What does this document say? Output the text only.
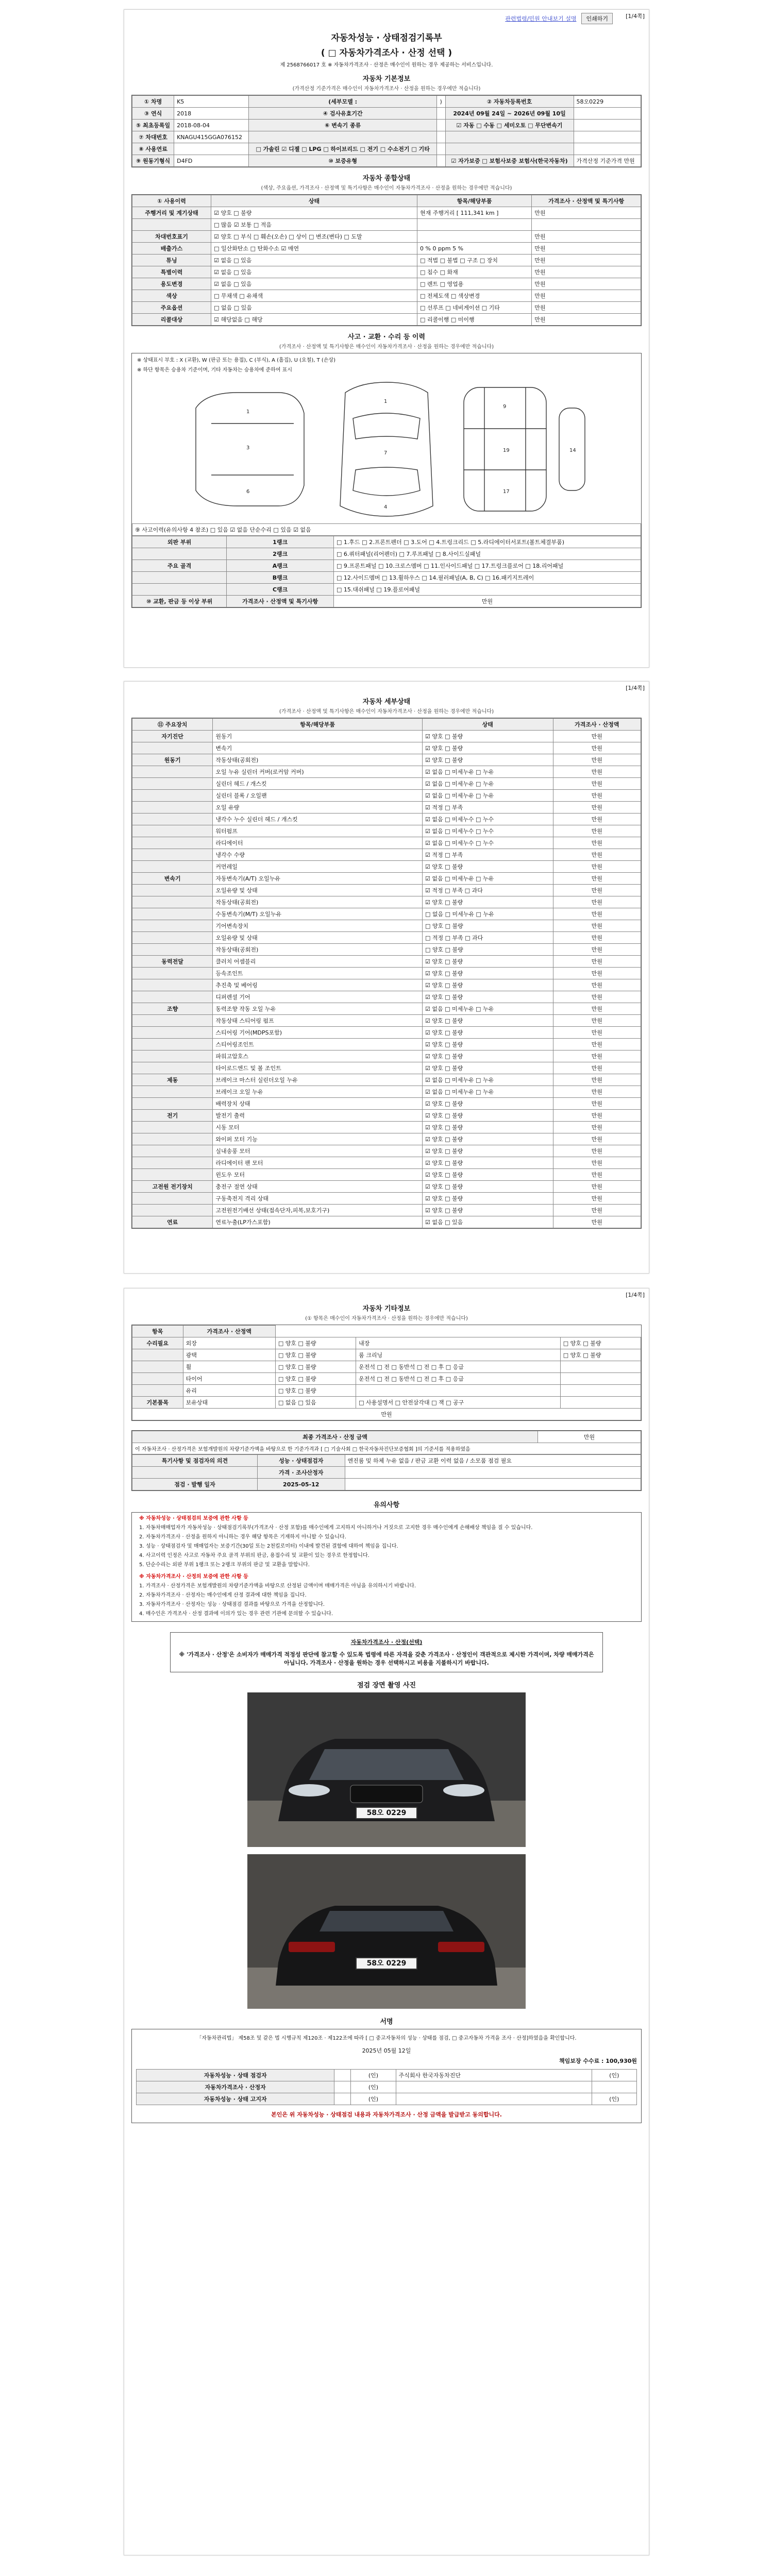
관련법령/민원 안내보기 설명	인쇄하기	[1/4쪽]
자동차성능 · 상태점검기록부
( □ 자동차가격조사 · 산정 선택 )
제 2568766017 호 ※ 자동차가격조사 · 산정은 매수인이 원하는 경우 제공하는 서비스입니다.
자동차 기본정보
(가격산정 기준가격은 매수인이 자동차가격조사 · 산정을 원하는 경우에만 적습니다)
① 차명	K5	(세부모델 :	)	② 자동차등록번호	58오0229
③ 연식	2018	④ 검사유효기간		2024년 09월 24일 ~ 2026년 09월 10일	
⑤ 최초등록일	2018-08-04	⑥ 변속기 종류		☑ 자동 □ 수동 □ 세미오토 □ 무단변속기	
⑦ 차대번호	KNAGU415GGA076152				
⑧ 사용연료		□ 가솔린 ☑ 디젤 □ LPG □ 하이브리드 □ 전기 □ 수소전기 □ 기타			
⑨ 원동기형식	D4FD	⑩ 보증유형		☑ 자가보증 □ 보험사보증 보험사(한국자동차)	가격산정 기준가격 만원
자동차 종합상태
(색상, 주요옵션, 가격조사 · 산정액 및 특기사항은 매수인이 자동차가격조사 · 산정을 원하는 경우에만 적습니다)
① 사용이력	상태	항목/해당부품	가격조사 · 산정액 및 특기사항
주행거리 및 계기상태	☑ 양호 □ 불량	현재 주행거리 [ 111,341 km ]	만원
	□ 많음 ☑ 보통 □ 적음		
차대번호표기	☑ 양호 □ 부식 □ 훼손(오손) □ 상이 □ 변조(변타) □ 도말		만원
배출가스	□ 일산화탄소 □ 탄화수소 ☑ 매연	0 % 0 ppm 5 %	만원
튜닝	☑ 없음 □ 있음	□ 적법 □ 불법 □ 구조 □ 장치	만원
특별이력	☑ 없음 □ 있음	□ 침수 □ 화재	만원
용도변경	☑ 없음 □ 있음	□ 렌트 □ 영업용	만원
색상	□ 무채색 □ 유채색	□ 전체도색 □ 색상변경	만원
주요옵션	□ 없음 □ 있음	□ 선루프 □ 네비게이션 □ 기타	만원
리콜대상	☑ 해당없음 □ 해당	□ 리콜이행 □ 미이행	만원
사고 · 교환 · 수리 등 이력
(가격조사 · 산정액 및 특기사항은 매수인이 자동차가격조사 · 산정을 원하는 경우에만 적습니다)
※ 상태표시 부호 : X (교환), W (판금 또는 용접), C (부식), A (흠집), U (요철), T (손상)
※ 하단 항목은 승용차 기준이며, 기타 자동차는 승용차에 준하여 표시
1
3
6
1
7
4
9
19
17
14
⑨ 사고이력(유의사항 4 참조) □ 있음 ☑ 없음 단순수리 □ 있음 ☑ 없음
외판 부위	1랭크	□ 1.후드 □ 2.프론트펜더 □ 3.도어 □ 4.트렁크리드 □ 5.라디에이터서포트(볼트체결부품)
	2랭크	□ 6.쿼터패널(리어펜더) □ 7.루프패널 □ 8.사이드실패널
주요 골격	A랭크	□ 9.프론트패널 □ 10.크로스멤버 □ 11.인사이드패널 □ 17.트렁크플로어 □ 18.리어패널
	B랭크	□ 12.사이드멤버 □ 13.휠하우스 □ 14.필러패널(A, B, C) □ 16.패키지트레이
	C랭크	□ 15.대쉬패널 □ 19.플로어패널
⑩ 교환, 판금 등 이상 부위	가격조사 · 산정액 및 특기사항	만원
[1/4쪽]
자동차 세부상태
(가격조사 · 산정액 및 특기사항은 매수인이 자동차가격조사 · 산정을 원하는 경우에만 적습니다)
⑪ 주요장치	항목/해당부품	상태	가격조사 · 산정액
자기진단	원동기	☑ 양호 □ 불량	만원
	변속기	☑ 양호 □ 불량	만원
원동기	작동상태(공회전)	☑ 양호 □ 불량	만원
	오일 누유 실린더 커버(로커암 커버)	☑ 없음 □ 미세누유 □ 누유	만원
	실린더 헤드 / 개스킷	☑ 없음 □ 미세누유 □ 누유	만원
	실린더 블록 / 오일팬	☑ 없음 □ 미세누유 □ 누유	만원
	오일 유량	☑ 적정 □ 부족	만원
	냉각수 누수 실린더 헤드 / 개스킷	☑ 없음 □ 미세누수 □ 누수	만원
	워터펌프	☑ 없음 □ 미세누수 □ 누수	만원
	라디에이터	☑ 없음 □ 미세누수 □ 누수	만원
	냉각수 수량	☑ 적정 □ 부족	만원
	커먼레일	☑ 양호 □ 불량	만원
변속기	자동변속기(A/T) 오일누유	☑ 없음 □ 미세누유 □ 누유	만원
	오일유량 및 상태	☑ 적정 □ 부족 □ 과다	만원
	작동상태(공회전)	☑ 양호 □ 불량	만원
	수동변속기(M/T) 오일누유	□ 없음 □ 미세누유 □ 누유	만원
	기어변속장치	□ 양호 □ 불량	만원
	오일유량 및 상태	□ 적정 □ 부족 □ 과다	만원
	작동상태(공회전)	□ 양호 □ 불량	만원
동력전달	클러치 어셈블리	☑ 양호 □ 불량	만원
	등속조인트	☑ 양호 □ 불량	만원
	추진축 및 베어링	☑ 양호 □ 불량	만원
	디퍼렌셜 기어	☑ 양호 □ 불량	만원
조향	동력조향 작동 오일 누유	☑ 없음 □ 미세누유 □ 누유	만원
	작동상태 스티어링 펌프	☑ 양호 □ 불량	만원
	스티어링 기어(MDPS포함)	☑ 양호 □ 불량	만원
	스티어링조인트	☑ 양호 □ 불량	만원
	파워고압호스	☑ 양호 □ 불량	만원
	타이로드엔드 및 볼 조인트	☑ 양호 □ 불량	만원
제동	브레이크 마스터 실린더오일 누유	☑ 없음 □ 미세누유 □ 누유	만원
	브레이크 오일 누유	☑ 없음 □ 미세누유 □ 누유	만원
	배력장치 상태	☑ 양호 □ 불량	만원
전기	발전기 출력	☑ 양호 □ 불량	만원
	시동 모터	☑ 양호 □ 불량	만원
	와이퍼 모터 기능	☑ 양호 □ 불량	만원
	실내송풍 모터	☑ 양호 □ 불량	만원
	라디에이터 팬 모터	☑ 양호 □ 불량	만원
	윈도우 모터	☑ 양호 □ 불량	만원
고전원 전기장치	충전구 절연 상태	☑ 양호 □ 불량	만원
	구동축전지 격리 상태	☑ 양호 □ 불량	만원
	고전원전기배선 상태(접속단자,피복,보호기구)	☑ 양호 □ 불량	만원
연료	연료누출(LP가스포함)	☑ 없음 □ 있음	만원
[1/4쪽]
자동차 기타정보
(① 항목은 매수인이 자동차가격조사 · 산정을 원하는 경우에만 적습니다)
항목	가격조사 · 산정액			
수리필요	외장	□ 양호 □ 불량	내장	□ 양호 □ 불량
	광택	□ 양호 □ 불량	룸 크리닝	□ 양호 □ 불량
	휠	□ 양호 □ 불량	운전석 □ 전 □ 동반석 □ 전 □ 후 □ 응급	
	타이어	□ 양호 □ 불량	운전석 □ 전 □ 동반석 □ 전 □ 후 □ 응급	
	유리	□ 양호 □ 불량		
기본품목	보유상태	□ 없음 □ 있음	□ 사용설명서 □ 안전삼각대 □ 잭 □ 공구	
만원				
최종 가격조사 · 산정 금액	만원
이 자동차조사 · 산정가격은 보험개발원의 차량기준가액을 바탕으로 한 기준가격과 [ □ 기술사회 □ 한국자동차진단보증협회 ]의 기준서를 적용하였음
특기사항 및 점검자의 의견	성능 · 상태점검자	엔진룸 및 하체 누유 없음 / 판금 교환 이력 없음 / 소모품 점검 필요
	가격 · 조사산정자	
점검 · 발행 일자	2025-05-12	
유의사항

※ 자동차성능 · 상태점검의 보증에 관한 사항 등

1. 자동차매매업자가 자동차성능 · 상태점검기록부(가격조사 · 산정 포함)를 매수인에게 고지하지 아니하거나 거짓으로 고지한 경우 매수인에게 손해배상 책임을 질 수 있습니다.

2. 자동차가격조사 · 산정을 원하지 아니하는 경우 해당 항목은 기재하지 아니할 수 있습니다.

3. 성능 · 상태점검자 및 매매업자는 보증기간(30일 또는 2천킬로미터) 이내에 발견된 결함에 대하여 책임을 집니다.

4. 사고이력 인정은 사고로 자동차 주요 골격 부위의 판금, 용접수리 및 교환이 있는 경우로 한정합니다.

5. 단순수리는 외판 부위 1랭크 또는 2랭크 부위의 판금 및 교환을 말합니다.

※ 자동차가격조사 · 산정의 보증에 관한 사항 등

1. 가격조사 · 산정가격은 보험개발원의 차량기준가액을 바탕으로 산정된 금액이며 매매가격은 아님을 유의하시기 바랍니다.

2. 자동차가격조사 · 산정자는 매수인에게 산정 결과에 대한 책임을 집니다.

3. 자동차가격조사 · 산정자는 성능 · 상태점검 결과를 바탕으로 가격을 산정합니다.

4. 매수인은 가격조사 · 산정 결과에 이의가 있는 경우 관련 기관에 문의할 수 있습니다.

자동차가격조사 · 산정(선택)
※ '가격조사 · 산정'은 소비자가 매매가격 적정성 판단에 참고할 수 있도록 법령에 따른 자격을 갖춘 가격조사 · 산정인이 객관적으로 제시한 가격이며, 차량 매매가격은 아닙니다. 가격조사 · 산정을 원하는 경우 선택하시고 비용을 지불하시기 바랍니다.
점검 장면 촬영 사진
58오 0229
58오 0229
서명
「자동차관리법」 제58조 및 같은 법 시행규칙 제120조 · 제122조에 따라 [ □ 중고자동차의 성능 · 상태를 점검, □ 중고자동차 가격을 조사 · 산정]하였음을 확인합니다.
2025년 05월 12일
책임보장 수수료 : 100,930원
자동차성능 · 상태 점검자		(인)	주식회사 한국자동차진단	(인)
자동차가격조사 · 산정자		(인)		
자동차성능 · 상태 고지자		(인)		(인)
본인은 위 자동차성능 · 상태점검 내용과 자동차가격조사 · 산정 금액을 발급받고 동의합니다.
